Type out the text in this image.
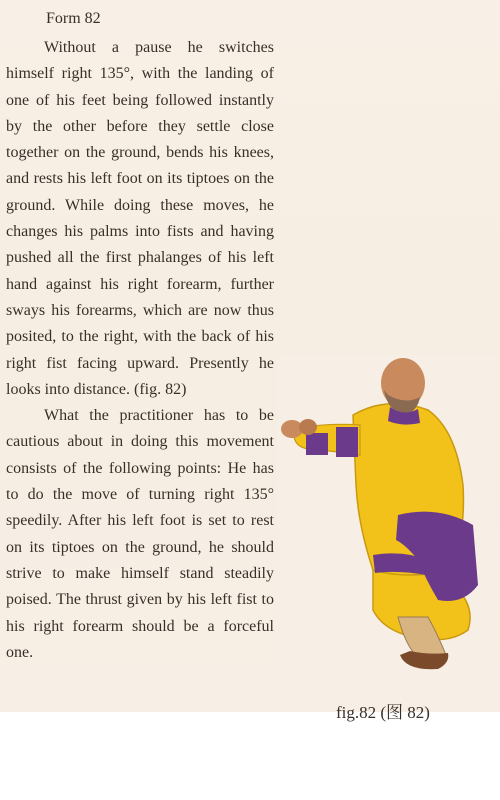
Form 82

Without a pause he switches himself right 135°, with the landing of one of his feet being followed instantly by the other before they settle close together on the ground, bends his knees, and rests his left foot on its tiptoes on the ground. While doing these moves, he changes his palms into fists and having pushed all the first phalanges of his left hand against his right forearm, further sways his forearms, which are now thus posited, to the right, with the back of his right fist facing upward. Presently he looks into distance. (fig. 82)

What the practitioner has to be cautious about in doing this movement consists of the following points: He has to do the move of turning right 135° speedily. After his left foot is set to rest on its tiptoes on the ground, he should strive to make himself stand steadily poised. The thrust given by his left fist to his right forearm should be a forceful one.

fig.82 (图 82)
